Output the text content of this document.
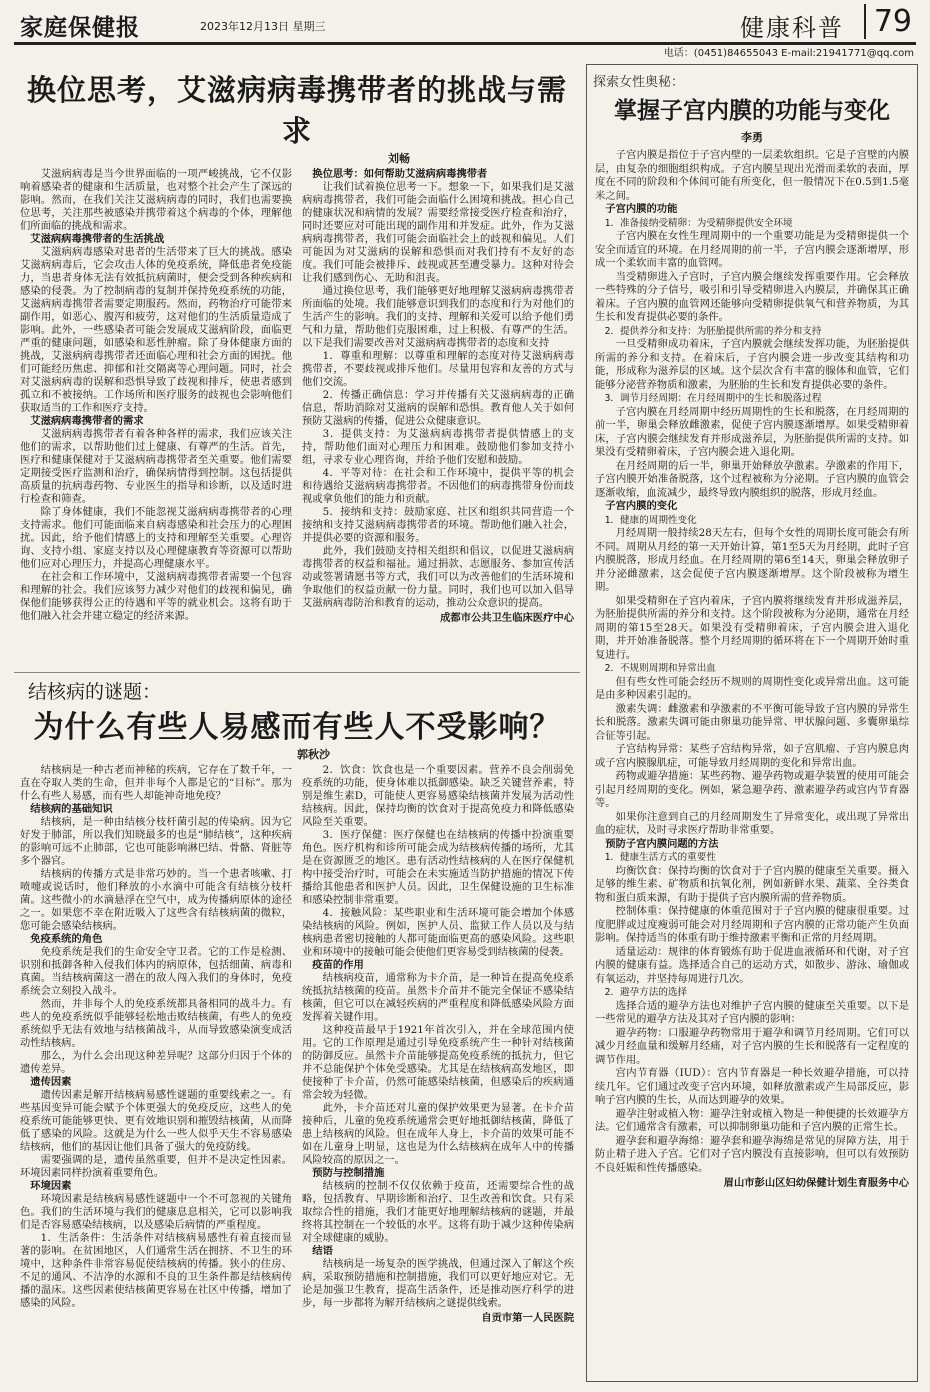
家庭保健报	2023年12月13日 星期三	健康科普 79
电话：(0451)84655043 E-mail:21941771@qq.com
换位思考，艾滋病病毒携带者的挑战与需求
刘畅

艾滋病病毒是当今世界面临的一项严峻挑战，它不仅影响着感染者的健康和生活质量，也对整个社会产生了深远的影响。然而，在我们关注艾滋病病毒的同时，我们也需要换位思考，关注那些被感染并携带着这个病毒的个体，理解他们所面临的挑战和需求。

艾滋病病毒携带者的生活挑战

艾滋病病毒感染对患者的生活带来了巨大的挑战。感染艾滋病病毒后，它会攻击人体的免疫系统，降低患者免疫能力，当患者身体无法有效抵抗病菌时，便会受到各种疾病和感染的侵袭。为了控制病毒的复制并保持免疫系统的功能，艾滋病病毒携带者需要定期服药。然而，药物治疗可能带来副作用，如恶心、腹泻和疲劳，这对他们的生活质量造成了影响。此外，一些感染者可能会发展成艾滋病阶段，面临更严重的健康问题，如感染和恶性肿瘤。除了身体健康方面的挑战，艾滋病病毒携带者还面临心理和社会方面的困扰。他们可能经历焦虑、抑郁和社交隔离等心理问题。同时，社会对艾滋病病毒的误解和恐惧导致了歧视和排斥，使患者感到孤立和不被接纳。工作场所和医疗服务的歧视也会影响他们获取适当的工作和医疗支持。

艾滋病病毒携带者的需求

艾滋病病毒携带者有着各种各样的需求，我们应该关注他们的需求，以帮助他们过上健康、有尊严的生活。首先，医疗和健康保健对于艾滋病病毒携带者至关重要。他们需要定期接受医疗监测和治疗，确保病情得到控制。这包括提供高质量的抗病毒药物、专业医生的指导和诊断，以及适时进行检查和筛查。

除了身体健康，我们不能忽视艾滋病病毒携带者的心理支持需求。他们可能面临来自病毒感染和社会压力的心理困扰。因此，给予他们情感上的支持和理解至关重要。心理咨询、支持小组、家庭支持以及心理健康教育等资源可以帮助他们应对心理压力，并提高心理健康水平。

在社会和工作环境中，艾滋病病毒携带者需要一个包容和理解的社会。我们应该努力减少对他们的歧视和偏见，确保他们能够获得公正的待遇和平等的就业机会。这将有助于他们融入社会并建立稳定的经济来源。

换位思考：如何帮助艾滋病病毒携带者

让我们试着换位思考一下。想象一下，如果我们是艾滋病病毒携带者，我们可能会面临什么困境和挑战。担心自己的健康状况和病情的发展？需要经常接受医疗检查和治疗，同时还要应对可能出现的副作用和并发症。此外，作为艾滋病病毒携带者，我们可能会面临社会上的歧视和偏见。人们可能因为对艾滋病的误解和恐惧而对我们持有不友好的态度。我们可能会被排斥、歧视或甚至遭受暴力。这种对待会让我们感到伤心、无助和沮丧。

通过换位思考，我们能够更好地理解艾滋病病毒携带者所面临的处境。我们能够意识到我们的态度和行为对他们的生活产生的影响。我们的支持、理解和关爱可以给予他们勇气和力量，帮助他们克服困难，过上积极、有尊严的生活。以下是我们需要改善对艾滋病病毒携带者的态度和支持

1．尊重和理解：以尊重和理解的态度对待艾滋病病毒携带者，不要歧视或排斥他们。尽量用包容和友善的方式与他们交流。

2．传播正确信息：学习并传播有关艾滋病病毒的正确信息，帮助消除对艾滋病的误解和恐惧。教育他人关于如何预防艾滋病的传播，促进公众健康意识。

3．提供支持：为艾滋病病毒携带者提供情感上的支持，帮助他们面对心理压力和困难。鼓励他们参加支持小组，寻求专业心理咨询，并给予他们安慰和鼓励。

4．平等对待：在社会和工作环境中，提供平等的机会和待遇给艾滋病病毒携带者。不因他们的病毒携带身份而歧视或拿负他们的能力和贡献。

5．接纳和支持：鼓励家庭、社区和组织共同营造一个接纳和支持艾滋病病毒携带者的环境。帮助他们融入社会，并提供必要的资源和服务。

此外，我们鼓励支持相关组织和倡议，以促进艾滋病病毒携带者的权益和福祉。通过捐款、志愿服务、参加宣传活动或签署请愿书等方式，我们可以为改善他们的生活环境和争取他们的权益贡献一份力量。同时，我们也可以加入倡导艾滋病病毒防治和教育的运动，推动公众意识的提高。

成都市公共卫生临床医疗中心

结核病的谜题：
为什么有些人易感而有些人不受影响？
郭秋沙

结核病是一种古老而神秘的疾病，它存在了数千年，一直在夺取人类的生命，但并非每个人都是它的“目标”。那为什么有些人易感，而有些人却能神奇地免疫？

结核病的基础知识

结核病，是一种由结核分枝杆菌引起的传染病。因为它好发于肺部，所以我们知晓最多的也是“肺结核”，这种疾病的影响可远不止肺部，它也可能影响淋巴结、骨骼、肾脏等多个器官。

结核病的传播方式是非常巧妙的。当一个患者咳嗽、打喷嚏或说话时，他们释放的小水滴中可能含有结核分枝杆菌。这些微小的水滴悬浮在空气中，成为传播病原体的途径之一。如果您不幸在附近吸入了这些含有结核病菌的微粒，您可能会感染结核病。

免疫系统的角色

免疫系统是我们的生命安全守卫者。它的工作是检测、识别和抵御各种入侵我们体内的病原体，包括细菌、病毒和真菌。当结核病菌这一潜在的敌人闯入我们的身体时，免疫系统会立刻投入战斗。

然而，并非每个人的免疫系统都具备相同的战斗力。有些人的免疫系统似乎能够轻松地击败结核菌，有些人的免疫系统似乎无法有效地与结核菌战斗，从而导致感染演变成活动性结核病。

那么，为什么会出现这种差异呢？这部分归因于个体的遗传差异。

遗传因素

遗传因素是解开结核病易感性谜题的重要线索之一。有些基因变异可能会赋予个体更强大的免疫反应，这些人的免疫系统可能能够更快、更有效地识别和摧毁结核菌，从而降低了感染的风险。这就是为什么一些人似乎天生不容易感染结核病，他们的基因让他们具备了强大的免疫防线。

需要强调的是，遗传虽然重要，但并不是决定性因素。环境因素同样扮演着重要角色。

环境因素

环境因素是结核病易感性谜题中一个不可忽视的关键角色。我们的生活环境与我们的健康息息相关，它可以影响我们是否容易感染结核病，以及感染后病情的严重程度。

1．生活条件：生活条件对结核病易感性有着直接而显著的影响。在贫困地区，人们通常生活在拥挤、不卫生的环境中，这种条件非常容易促使结核病的传播。狭小的住房、不足的通风、不洁净的水源和不良的卫生条件都是结核病传播的温床。这些因素使结核菌更容易在社区中传播，增加了感染的风险。

2．饮食：饮食也是一个重要因素。营养不良会削弱免疫系统的功能，使身体难以抵御感染。缺乏关键营养素，特别是维生素D，可能使人更容易感染结核菌并发展为活动性结核病。因此，保持均衡的饮食对于提高免疫力和降低感染风险至关重要。

3．医疗保健：医疗保健也在结核病的传播中扮演重要角色。医疗机构和诊所可能会成为结核病传播的场所，尤其是在资源匮乏的地区。患有活动性结核病的人在医疗保健机构中接受治疗时，可能会在未实施适当防护措施的情况下传播给其他患者和医护人员。因此，卫生保健设施的卫生标准和感染控制非常重要。

4．接触风险：某些职业和生活环境可能会增加个体感染结核病的风险。例如，医护人员、监狱工作人员以及与结核病患者密切接触的人都可能面临更高的感染风险。这些职业和环境中的接触可能会使他们更容易受到结核菌的侵袭。

疫苗的作用

结核病疫苗，通常称为卡介苗，是一种旨在提高免疫系统抵抗结核菌的疫苗。虽然卡介苗并不能完全保证不感染结核菌，但它可以在减轻疾病的严重程度和降低感染风险方面发挥着关键作用。

这种疫苗最早于1921年首次引入，并在全球范围内使用。它的工作原理是通过引导免疫系统产生一种针对结核菌的防御反应。虽然卡介苗能够提高免疫系统的抵抗力，但它并不总能保护个体免受感染。尤其是在结核病高发地区，即使接种了卡介苗，仍然可能感染结核菌，但感染后的疾病通常会较为轻微。

此外，卡介苗还对儿童的保护效果更为显著。在卡介苗接种后，儿童的免疫系统通常会更好地抵御结核菌，降低了患上结核病的风险。但在成年人身上，卡介苗的效果可能不如在儿童身上明显，这也是为什么结核病在成年人中的传播风险较高的原因之一。

预防与控制措施

结核病的控制不仅仅依赖于疫苗，还需要综合性的战略，包括教育、早期诊断和治疗、卫生改善和饮食。只有采取综合性的措施，我们才能更好地理解结核病的谜题，并最终将其控制在一个较低的水平。这将有助于减少这种传染病对全球健康的威胁。

结语

结核病是一场复杂的医学挑战，但通过深入了解这个疾病，采取预防措施和控制措施，我们可以更好地应对它。无论是加强卫生教育，提高生活条件，还是推动医疗科学的进步，每一步都将为解开结核病之谜提供线索。

自贡市第一人民医院

探索女性奥秘：
掌握子宫内膜的功能与变化
李勇

子宫内膜是指位于子宫内壁的一层柔软组织。它是子宫壁的内膜层，由复杂的细胞组织构成。子宫内膜呈现出光滑而柔软的表面，厚度在不同的阶段和个体间可能有所变化，但一般情况下在0.5到1.5毫米之间。

子宫内膜的功能

1．准备接纳受精卵：为受精卵提供安全环境

子宫内膜在女性生理周期中的一个重要功能是为受精卵提供一个安全而适宜的环境。在月经周期的前一半，子宫内膜会逐渐增厚，形成一个柔软而丰富的血管网。

当受精卵进入子宫时，子宫内膜会继续发挥重要作用。它会释放一些特殊的分子信号，吸引和引导受精卵进入内膜层，并确保其正确着床。子宫内膜的血管网还能够向受精卵提供氧气和营养物质，为其生长和发育提供必要的条件。

2．提供养分和支持：为胚胎提供所需的养分和支持

一旦受精卵成功着床，子宫内膜就会继续发挥功能，为胚胎提供所需的养分和支持。在着床后，子宫内膜会进一步改变其结构和功能，形成称为滋养层的区域。这个层次含有丰富的腺体和血管，它们能够分泌营养物质和激素，为胚胎的生长和发育提供必要的条件。

3．调节月经周期：在月经周期中的生长和脱落过程

子宫内膜在月经周期中经历周期性的生长和脱落，在月经周期的前一半，卵巢会释放雌激素，促使子宫内膜逐渐增厚。如果受精卵着床，子宫内膜会继续发育并形成滋养层，为胚胎提供所需的支持。如果没有受精卵着床，子宫内膜会进入退化期。

在月经周期的后一半，卵巢开始释放孕激素。孕激素的作用下，子宫内膜开始准备脱落，这个过程被称为分泌期。子宫内膜的血管会逐渐收缩，血流减少，最终导致内膜组织的脱落，形成月经血。

子宫内膜的变化

1．健康的周期性变化

月经周期一般持续28天左右，但每个女性的周期长度可能会有所不同。周期从月经的第一天开始计算，第1至5天为月经期，此时子宫内膜脱落，形成月经血。在月经周期的第6至14天，卵巢会释放卵子并分泌雌激素，这会促使子宫内膜逐渐增厚。这个阶段被称为增生期。

如果受精卵在子宫内着床，子宫内膜将继续发育并形成滋养层，为胚胎提供所需的养分和支持。这个阶段被称为分泌期，通常在月经周期的第15至28天。如果没有受精卵着床，子宫内膜会进入退化期，并开始准备脱落。整个月经周期的循环将在下一个周期开始时重复进行。

2．不规则周期和异常出血

但有些女性可能会经历不规则的周期性变化或异常出血。这可能是由多种因素引起的。

激素失调：雌激素和孕激素的不平衡可能导致子宫内膜的异常生长和脱落。激素失调可能由卵巢功能异常、甲状腺问题、多囊卵巢综合征等引起。

子宫结构异常：某些子宫结构异常，如子宫肌瘤、子宫内膜息肉或子宫内膜腺肌症，可能导致月经周期的变化和异常出血。

药物或避孕措施：某些药物、避孕药物或避孕装置的使用可能会引起月经周期的变化。例如，紧急避孕药、激素避孕药或宫内节育器等。

如果你注意到自己的月经周期发生了异常变化，或出现了异常出血的症状，及时寻求医疗帮助非常重要。

预防子宫内膜问题的方法

1．健康生活方式的重要性

均衡饮食：保持均衡的饮食对于子宫内膜的健康至关重要。摄入足够的维生素、矿物质和抗氧化剂，例如新鲜水果、蔬菜、全谷类食物和蛋白质来源，有助于提供子宫内膜所需的营养物质。

控制体重：保持健康的体重范围对于子宫内膜的健康很重要。过度肥胖或过度瘦弱可能会对月经周期和子宫内膜的正常功能产生负面影响。保持适当的体重有助于维持激素平衡和正常的月经周期。

适量运动：规律的体育锻炼有助于促进血液循环和代谢，对子宫内膜的健康有益。选择适合自己的运动方式，如散步、游泳、瑜伽或有氧运动，并坚持每周进行几次。

2．避孕方法的选择

选择合适的避孕方法也对维护子宫内膜的健康至关重要。以下是一些常见的避孕方法及其对子宫内膜的影响：

避孕药物：口服避孕药物常用于避孕和调节月经周期。它们可以减少月经血量和缓解月经痛，对子宫内膜的生长和脱落有一定程度的调节作用。

宫内节育器（IUD）：宫内节育器是一种长效避孕措施，可以持续几年。它们通过改变子宫内环境，如释放激素或产生局部反应，影响子宫内膜的生长，从而达到避孕的效果。

避孕注射或植入物：避孕注射或植入物是一种便捷的长效避孕方法。它们通常含有激素，可以抑制卵巢功能和子宫内膜的正常生长。

避孕套和避孕海绵：避孕套和避孕海绵是常见的屏障方法，用于防止精子进入子宫。它们对子宫内膜没有直接影响，但可以有效预防不良妊娠和性传播感染。

眉山市彭山区妇幼保健计划生育服务中心
